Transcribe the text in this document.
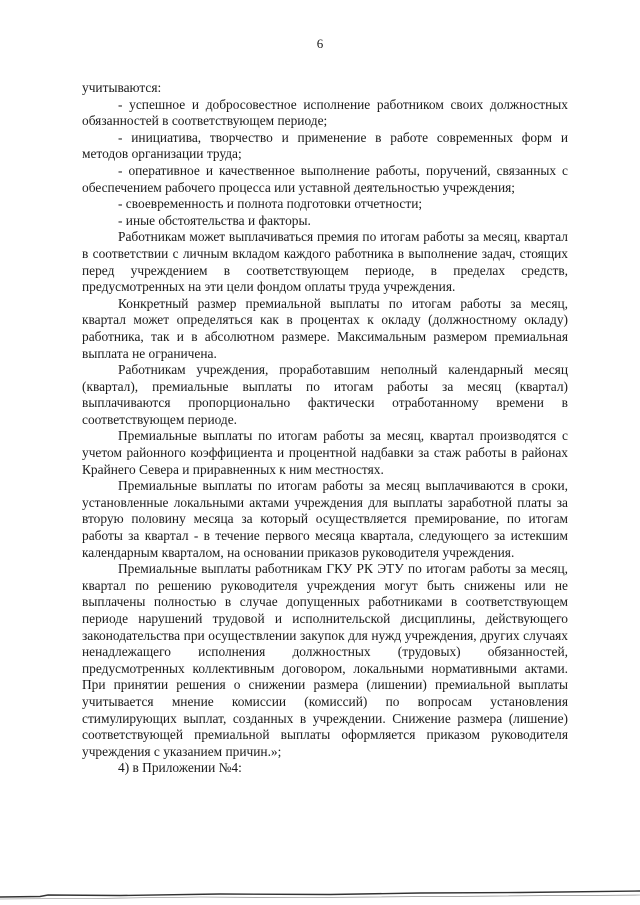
6

учитываются:

- успешное и добросовестное исполнение работником своих должностных обязанностей в соответствующем периоде;

- инициатива, творчество и применение в работе современных форм и методов организации труда;

- оперативное и качественное выполнение работы, поручений, связанных с обеспечением рабочего процесса или уставной деятельностью учреждения;

- своевременность и полнота подготовки отчетности;

- иные обстоятельства и факторы.

Работникам может выплачиваться премия по итогам работы за месяц, квартал в соответствии с личным вкладом каждого работника в выполнение задач, стоящих перед учреждением в соответствующем периоде, в пределах средств, предусмотренных на эти цели фондом оплаты труда учреждения.

Конкретный размер премиальной выплаты по итогам работы за месяц, квартал может определяться как в процентах к окладу (должностному окладу) работника, так и в абсолютном размере. Максимальным размером премиальная выплата не ограничена.

Работникам учреждения, проработавшим неполный календарный месяц (квартал), премиальные выплаты по итогам работы за месяц (квартал) выплачиваются пропорционально фактически отработанному времени в соответствующем периоде.

Премиальные выплаты по итогам работы за месяц, квартал производятся с учетом районного коэффициента и процентной надбавки за стаж работы в районах Крайнего Севера и приравненных к ним местностях.

Премиальные выплаты по итогам работы за месяц выплачиваются в сроки, установленные локальными актами учреждения для выплаты заработной платы за вторую половину месяца за который осуществляется премирование, по итогам работы за квартал - в течение первого месяца квартала, следующего за истекшим календарным кварталом, на основании приказов руководителя учреждения.

Премиальные выплаты работникам ГКУ РК ЭТУ по итогам работы за месяц, квартал по решению руководителя учреждения могут быть снижены или не выплачены полностью в случае допущенных работниками в соответствующем периоде нарушений трудовой и исполнительской дисциплины, действующего законодательства при осуществлении закупок для нужд учреждения, других случаях ненадлежащего исполнения должностных (трудовых) обязанностей, предусмотренных коллективным договором, локальными нормативными актами. При принятии решения о снижении размера (лишении) премиальной выплаты учитывается мнение комиссии (комиссий) по вопросам установления стимулирующих выплат, созданных в учреждении. Снижение размера (лишение) соответствующей премиальной выплаты оформляется приказом руководителя учреждения с указанием причин.»;

4) в Приложении №4:
